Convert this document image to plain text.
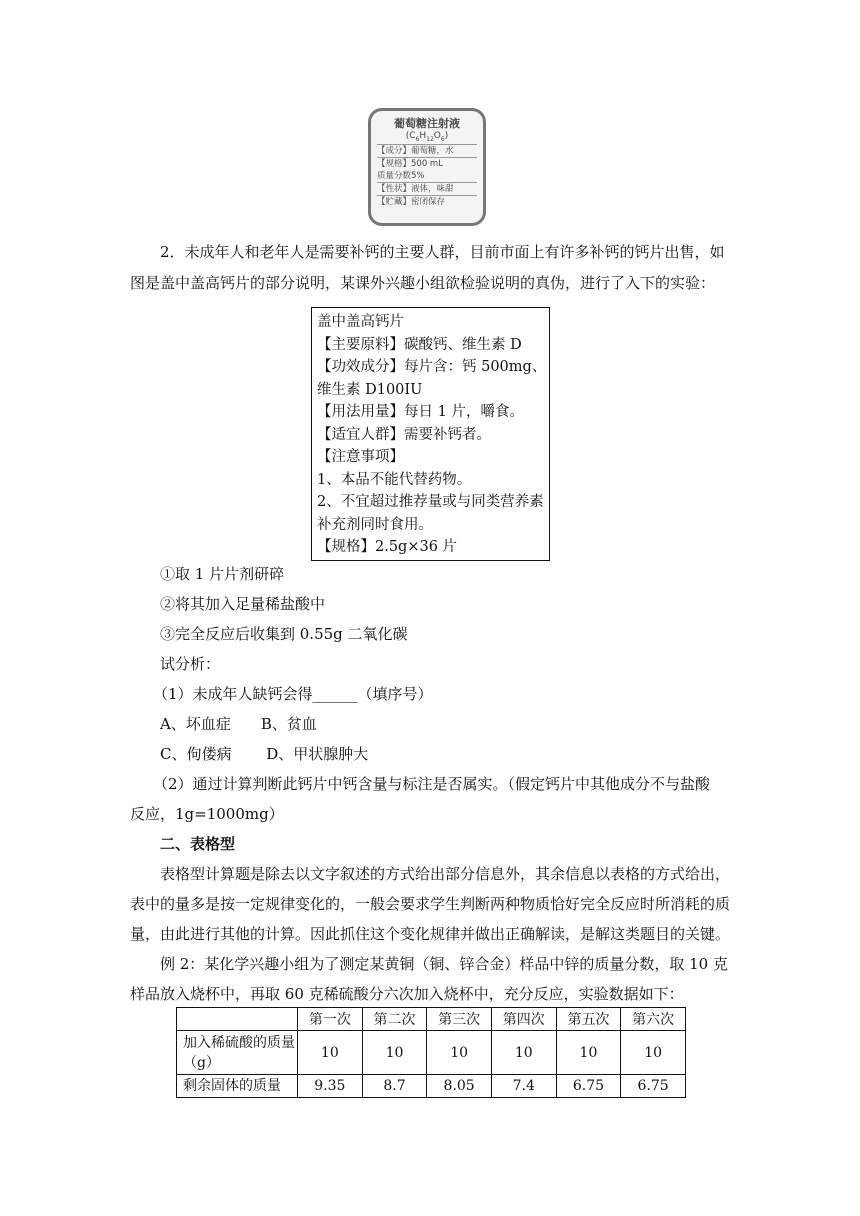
葡萄糖注射液
$(C_6H_{12}O_6)$
【成分】葡萄糖，水
【规格】500 mL
质量分数5%
【性状】液体，味甜
【贮藏】密闭保存
2．未成年人和老年人是需要补钙的主要人群，目前市面上有许多补钙的钙片出售，如
图是盖中盖高钙片的部分说明，某课外兴趣小组欲检验说明的真伪，进行了入下的实验：
盖中盖高钙片
【主要原料】碳酸钙、维生素 D
【功效成分】每片含：钙 500mg、
维生素 D100IU
【用法用量】每日 1 片，嚼食。
【适宜人群】需要补钙者。
【注意事项】
1、本品不能代替药物。
2、不宜超过推荐量或与同类营养素
补充剂同时食用。
【规格】2.5g×36 片
①取 1 片片剂研碎
②将其加入足量稀盐酸中
③完全反应后收集到 0.55g 二氧化碳
试分析：
（1）未成年人缺钙会得______（填序号）
A、坏血症　　B、贫血
C、佝偻病　　 D、甲状腺肿大
（2）通过计算判断此钙片中钙含量与标注是否属实。（假定钙片中其他成分不与盐酸
反应，1g=1000mg）
二、表格型
表格型计算题是除去以文字叙述的方式给出部分信息外，其余信息以表格的方式给出，
表中的量多是按一定规律变化的，一般会要求学生判断两种物质恰好完全反应时所消耗的质
量，由此进行其他的计算。因此抓住这个变化规律并做出正确解读，是解这类题目的关键。
例 2：某化学兴趣小组为了测定某黄铜（铜、锌合金）样品中锌的质量分数，取 10 克
样品放入烧杯中，再取 60 克稀硫酸分六次加入烧杯中，充分反应，实验数据如下：
	第一次	第二次	第三次	第四次	第五次	第六次
加入稀硫酸的质量（g）	10	10	10	10	10	10
剩余固体的质量	9.35	8.7	8.05	7.4	6.75	6.75
